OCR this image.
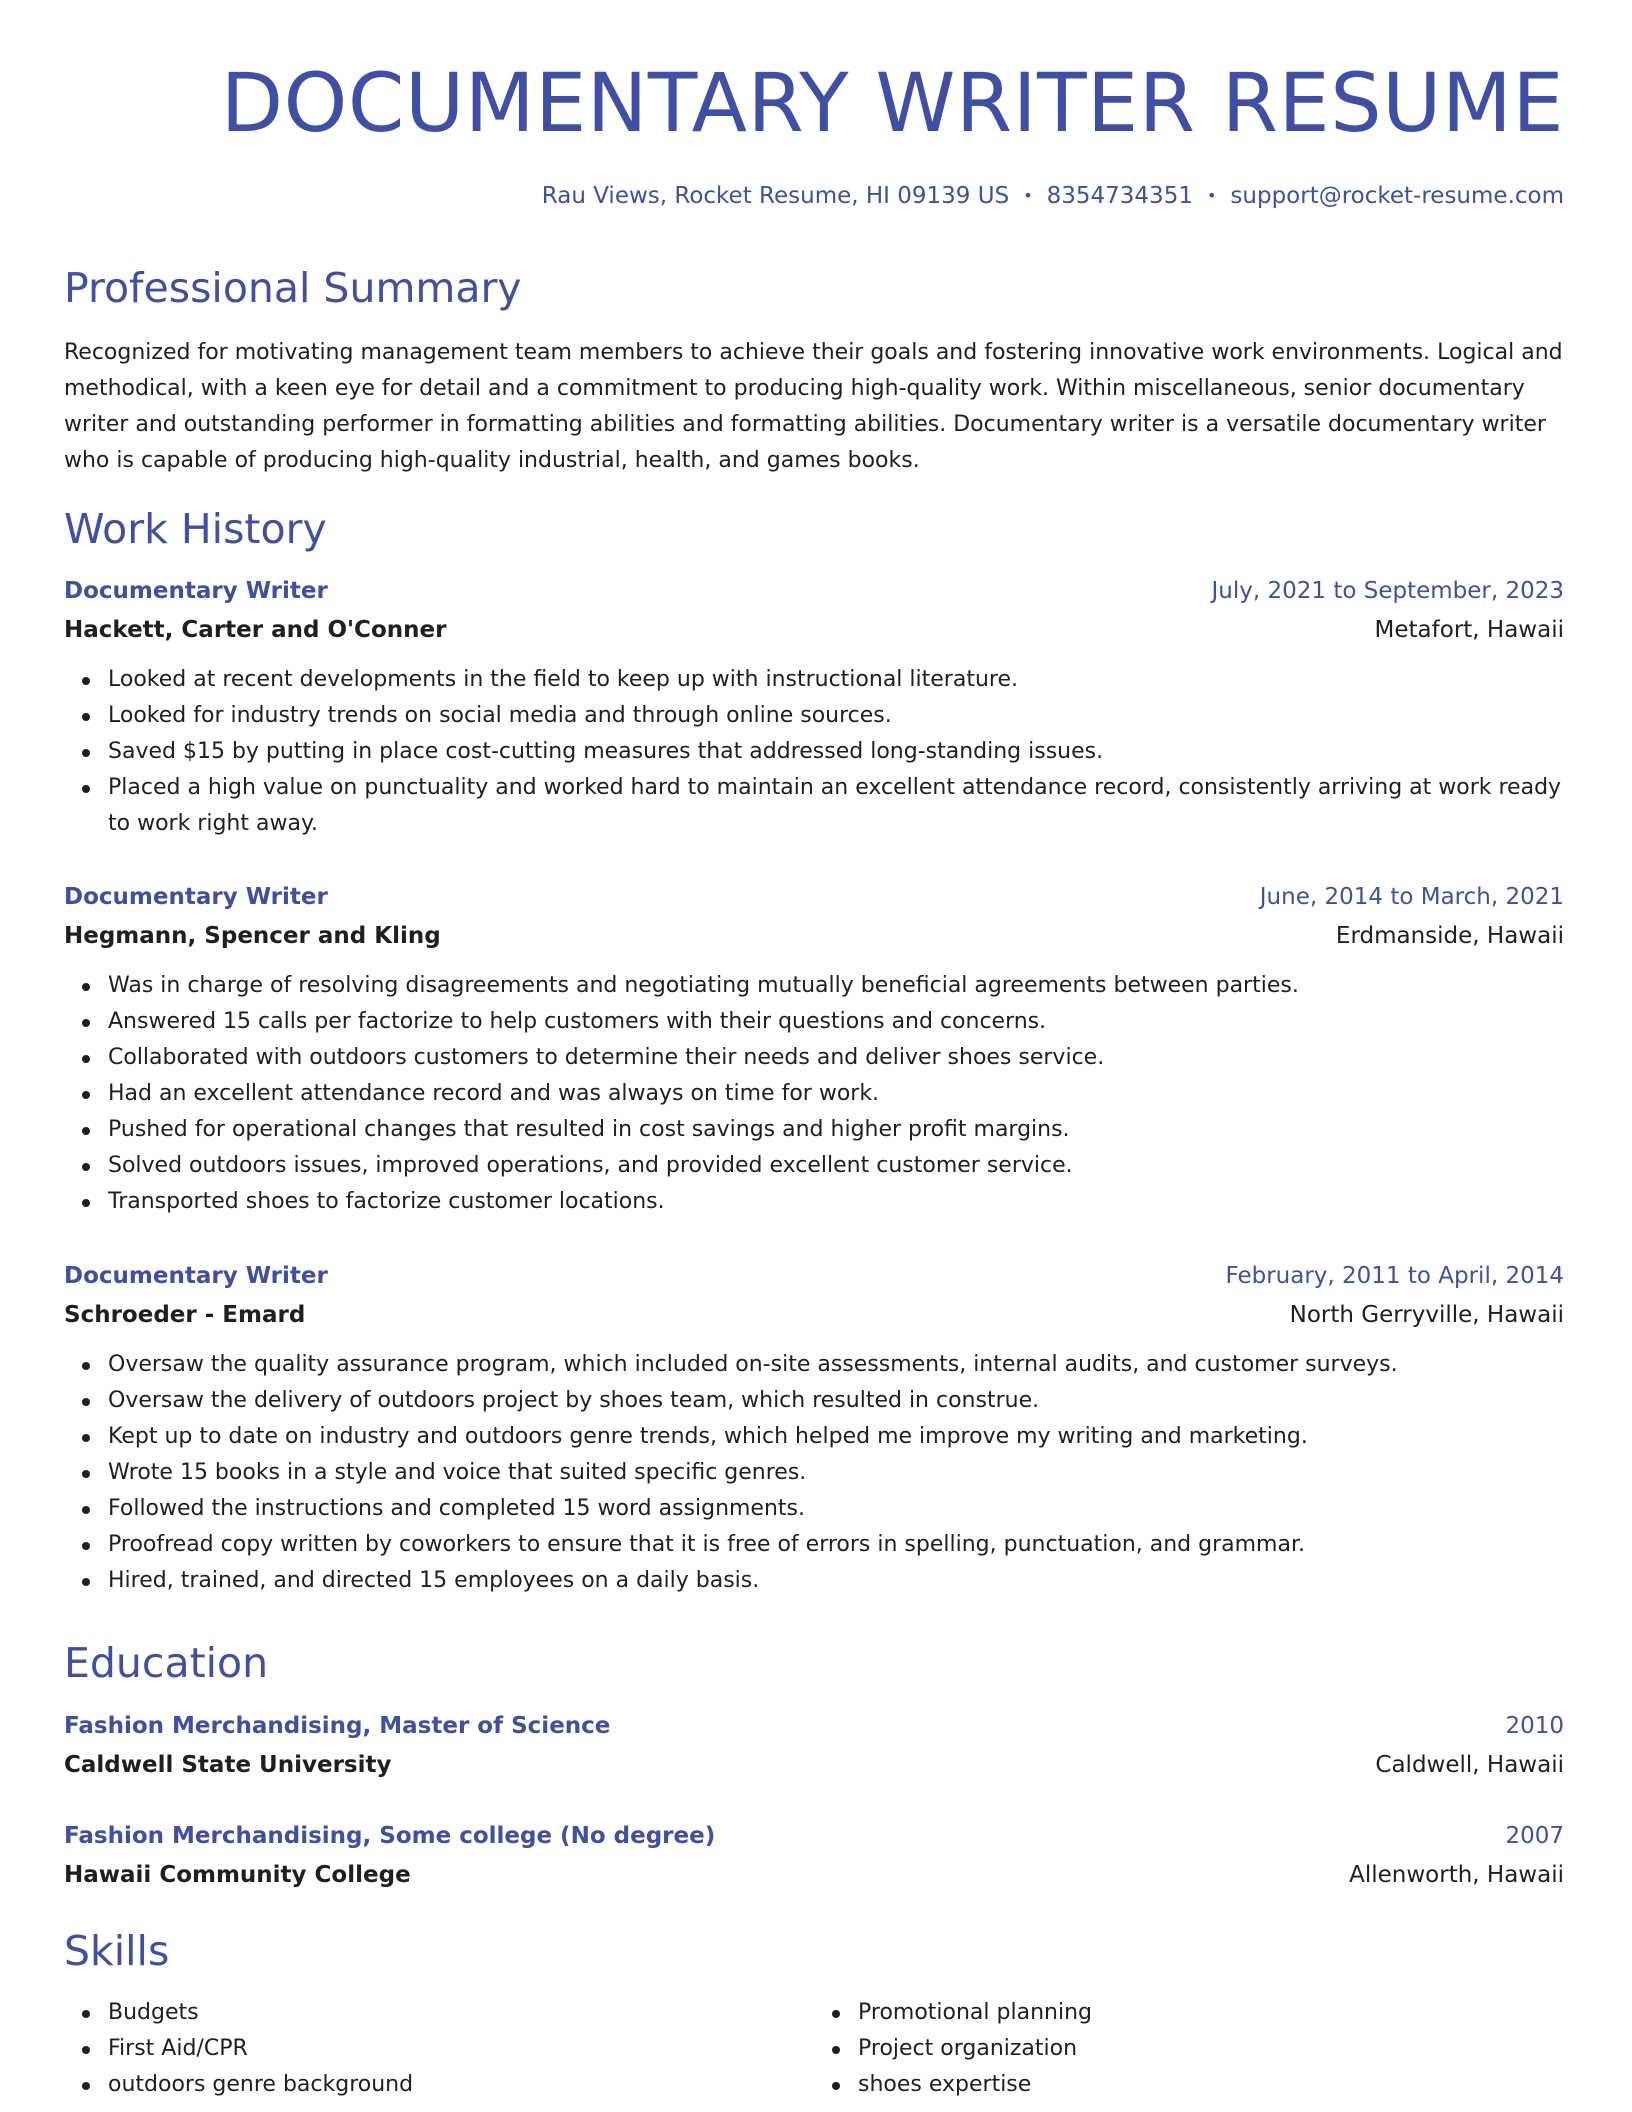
DOCUMENTARY WRITER RESUME
Rau Views, Rocket Resume, HI 09139 US • 8354734351 • support@rocket-resume.com
Professional Summary

Recognized for motivating management team members to achieve their goals and fostering innovative work environments. Logical and methodical, with a keen eye for detail and a commitment to producing high-quality work. Within miscellaneous, senior documentary writer and outstanding performer in formatting abilities and formatting abilities. Documentary writer is a versatile documentary writer who is capable of producing high-quality industrial, health, and games books.

Work History
Documentary Writer	July, 2021 to September, 2023
Hackett, Carter and O'Conner	Metafort, Hawaii
Looked at recent developments in the field to keep up with instructional literature.
Looked for industry trends on social media and through online sources.
Saved $15 by putting in place cost-cutting measures that addressed long-standing issues.
Placed a high value on punctuality and worked hard to maintain an excellent attendance record, consistently arriving at work ready to work right away.
Documentary Writer	June, 2014 to March, 2021
Hegmann, Spencer and Kling	Erdmanside, Hawaii
Was in charge of resolving disagreements and negotiating mutually beneficial agreements between parties.
Answered 15 calls per factorize to help customers with their questions and concerns.
Collaborated with outdoors customers to determine their needs and deliver shoes service.
Had an excellent attendance record and was always on time for work.
Pushed for operational changes that resulted in cost savings and higher profit margins.
Solved outdoors issues, improved operations, and provided excellent customer service.
Transported shoes to factorize customer locations.
Documentary Writer	February, 2011 to April, 2014
Schroeder - Emard	North Gerryville, Hawaii
Oversaw the quality assurance program, which included on-site assessments, internal audits, and customer surveys.
Oversaw the delivery of outdoors project by shoes team, which resulted in construe.
Kept up to date on industry and outdoors genre trends, which helped me improve my writing and marketing.
Wrote 15 books in a style and voice that suited specific genres.
Followed the instructions and completed 15 word assignments.
Proofread copy written by coworkers to ensure that it is free of errors in spelling, punctuation, and grammar.
Hired, trained, and directed 15 employees on a daily basis.
Education
Fashion Merchandising, Master of Science	2010
Caldwell State University	Caldwell, Hawaii
Fashion Merchandising, Some college (No degree)	2007
Hawaii Community College	Allenworth, Hawaii
Skills
Budgets
First Aid/CPR
outdoors genre background
Promotional planning
Project organization
shoes expertise
